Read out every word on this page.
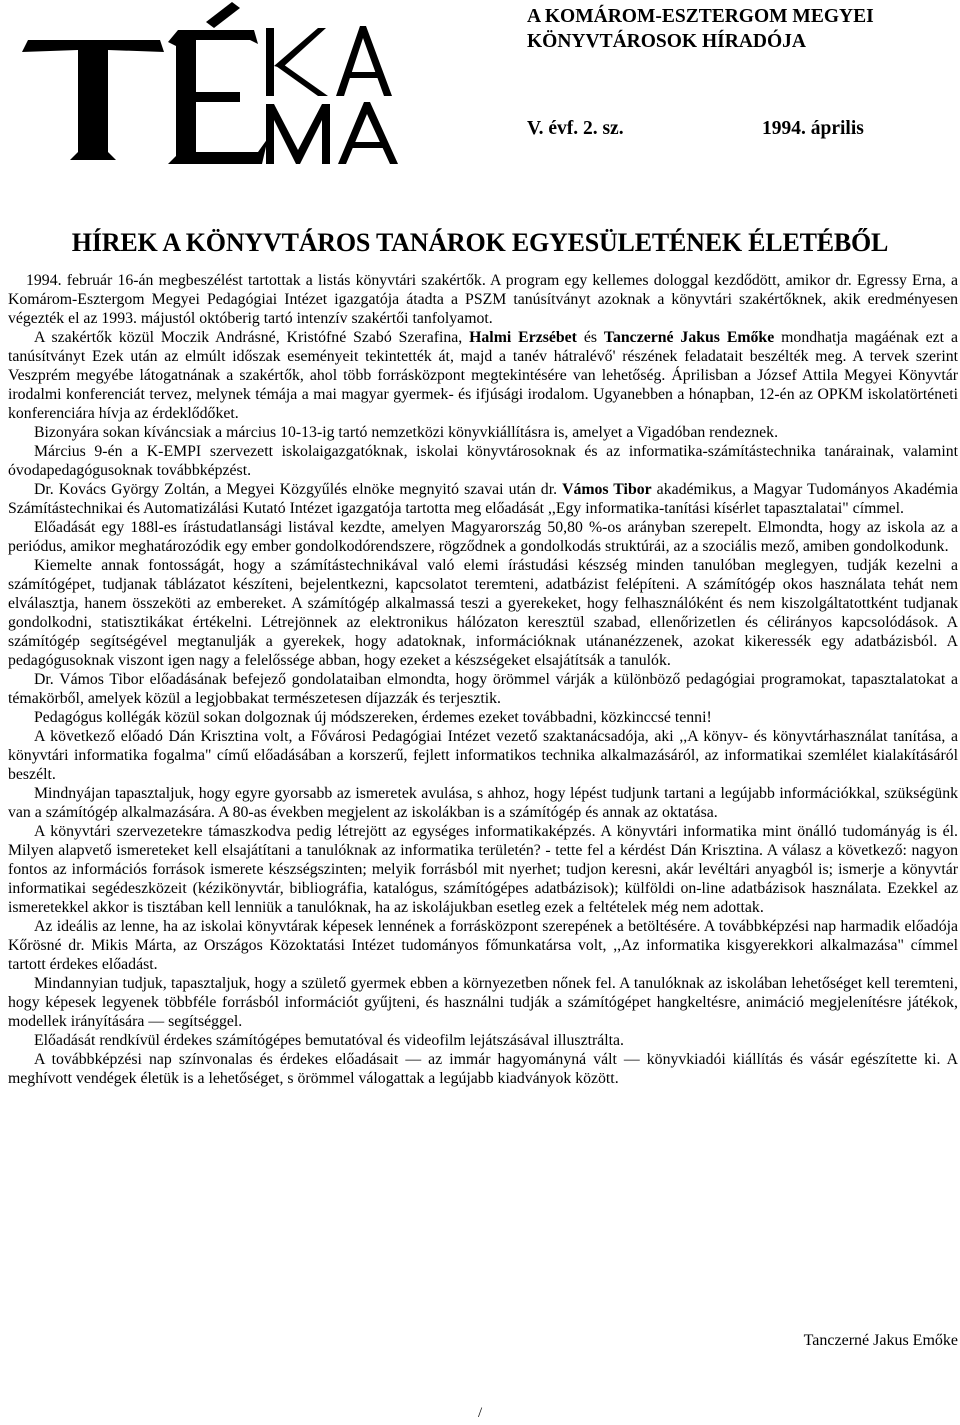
A KOMÁROM-ESZTERGOM MEGYEI
KÖNYVTÁROSOK HÍRADÓJA
V. évf. 2. sz.	1994. április
HÍREK A KÖNYVTÁROS TANÁROK EGYESÜLETÉNEK ÉLETÉBŐL

1994. február 16-án megbeszélést tartottak a listás könyvtári szakértők. A program egy kellemes dologgal kezdődött, amikor dr. Egressy Erna, a Komárom-Esztergom Megyei Pedagógiai Intézet igazgatója átadta a PSZM tanúsítványt azoknak a könyvtári szakértőknek, akik eredményesen végezték el az 1993. májustól októberig tartó intenzív szakértői tanfolyamot.

A szakértők közül Moczik Andrásné, Kristófné Szabó Szerafina, Halmi Erzsébet és Tanczerné Jakus Emőke mondhatja magáénak ezt a tanúsítványt Ezek után az elmúlt időszak eseményeit tekintették át, majd a tanév hátralévő' részének feladatait beszélték meg. A tervek szerint Veszprém megyébe látogatnának a szakértők, ahol több forrásközpont megtekintésére van lehetőség. Áprilisban a József Attila Megyei Könyvtár irodalmi konferenciát tervez, melynek témája a mai magyar gyermek- és ifjúsági irodalom. Ugyanebben a hónapban, 12-én az OPKM iskolatörténeti konferenciára hívja az érdeklődőket.

Bizonyára sokan kíváncsiak a március 10-13-ig tartó nemzetközi könyvkiállításra is, amelyet a Vigadóban rendeznek.

Március 9-én a K-EMPI szervezett iskolaigazgatóknak, iskolai könyvtárosoknak és az informatika-számítástechnika tanárainak, valamint óvodapedagógusoknak továbbképzést.

Dr. Kovács György Zoltán, a Megyei Közgyűlés elnöke megnyitó szavai után dr. Vámos Tibor akadémikus, a Magyar Tudományos Akadémia Számítástechnikai és Automatizálási Kutató Intézet igazgatója tartotta meg előadását ,,Egy informatika-tanítási kísérlet tapasztalatai" címmel.

Előadását egy 188l-es írástudatlansági listával kezdte, amelyen Magyarország 50,80 %-os arányban szerepelt. Elmondta, hogy az iskola az a periódus, amikor meghatározódik egy ember gondolkodórendszere, rögződnek a gondolkodás struktúrái, az a szociális mező, amiben gondolkodunk.

Kiemelte annak fontosságát, hogy a számítástechnikával való elemi írástudási készség minden tanulóban meglegyen, tudják kezelni a számítógépet, tudjanak táblázatot készíteni, bejelentkezni, kapcsolatot teremteni, adatbázist felépíteni. A számítógép okos használata tehát nem elválasztja, hanem összeköti az embereket. A számítógép alkalmassá teszi a gyerekeket, hogy felhasználóként és nem kiszolgáltatottként tudjanak gondolkodni, statisztikákat értékelni. Létrejönnek az elektronikus hálózaton keresztül szabad, ellenőrizetlen és célirányos kapcsolódások. A számítógép segítségével megtanulják a gyerekek, hogy adatoknak, információknak utánanézzenek, azokat kikeressék egy adatbázisból. A pedagógusoknak viszont igen nagy a felelőssége abban, hogy ezeket a készségeket elsajátítsák a tanulók.

Dr. Vámos Tibor előadásának befejező gondolataiban elmondta, hogy örömmel várják a különböző pedagógiai programokat, tapasztalatokat a témakörből, amelyek közül a legjobbakat természetesen díjazzák és terjesztik.

Pedagógus kollégák közül sokan dolgoznak új módszereken, érdemes ezeket továbbadni, közkinccsé tenni!

A következő előadó Dán Krisztina volt, a Fővárosi Pedagógiai Intézet vezető szaktanácsadója, aki ,,A könyv- és könyvtárhasználat tanítása, a könyvtári informatika fogalma" című előadásában a korszerű, fejlett informatikos technika alkalmazásáról, az informatikai szemlélet kialakításáról beszélt.

Mindnyájan tapasztaljuk, hogy egyre gyorsabb az ismeretek avulása, s ahhoz, hogy lépést tudjunk tartani a legújabb információkkal, szükségünk van a számítógép alkalmazására. A 80-as években megjelent az iskolákban is a számítógép és annak az oktatása.

A könyvtári szervezetekre támaszkodva pedig létrejött az egységes informatikaképzés. A könyvtári informatika mint önálló tudományág is él. Milyen alapvető ismereteket kell elsajátítani a tanulóknak az informatika területén? - tette fel a kérdést Dán Krisztina. A válasz a következő: nagyon fontos az információs források ismerete készségszinten; melyik forrásból mit nyerhet; tudjon keresni, akár levéltári anyagból is; ismerje a könyvtár informatikai segédeszközeit (kézikönyvtár, bibliográfia, katalógus, számítógépes adatbázisok); külföldi on-line adatbázisok használata. Ezekkel az ismeretekkel akkor is tisztában kell lenniük a tanulóknak, ha az iskolájukban esetleg ezek a feltételek még nem adottak.

Az ideális az lenne, ha az iskolai könyvtárak képesek lennének a forrásközpont szerepének a betöltésére. A továbbképzési nap harmadik előadója Kőrösné dr. Mikis Márta, az Országos Közoktatási Intézet tudományos főmunkatársa volt, ,,Az informatika kisgyerekkori alkalmazása" címmel tartott érdekes előadást.

Mindannyian tudjuk, tapasztaljuk, hogy a születő gyermek ebben a környezetben nőnek fel. A tanulóknak az iskolában lehetőséget kell teremteni, hogy képesek legyenek többféle forrásból információt gyűjteni, és használni tudják a számítógépet hangkeltésre, animáció megjelenítésre játékok, modellek irányítására — segítséggel.

Előadását rendkívül érdekes számítógépes bemutatóval és videofilm lejátszásával illusztrálta.

A továbbképzési nap színvonalas és érdekes előadásait — az immár hagyományná vált — könyvkiadói kiállítás és vásár egészítette ki. A meghívott vendégek életük is a lehetőséget, s örömmel válogattak a legújabb kiadványok között.

Tanczerné Jakus Emőke
/
